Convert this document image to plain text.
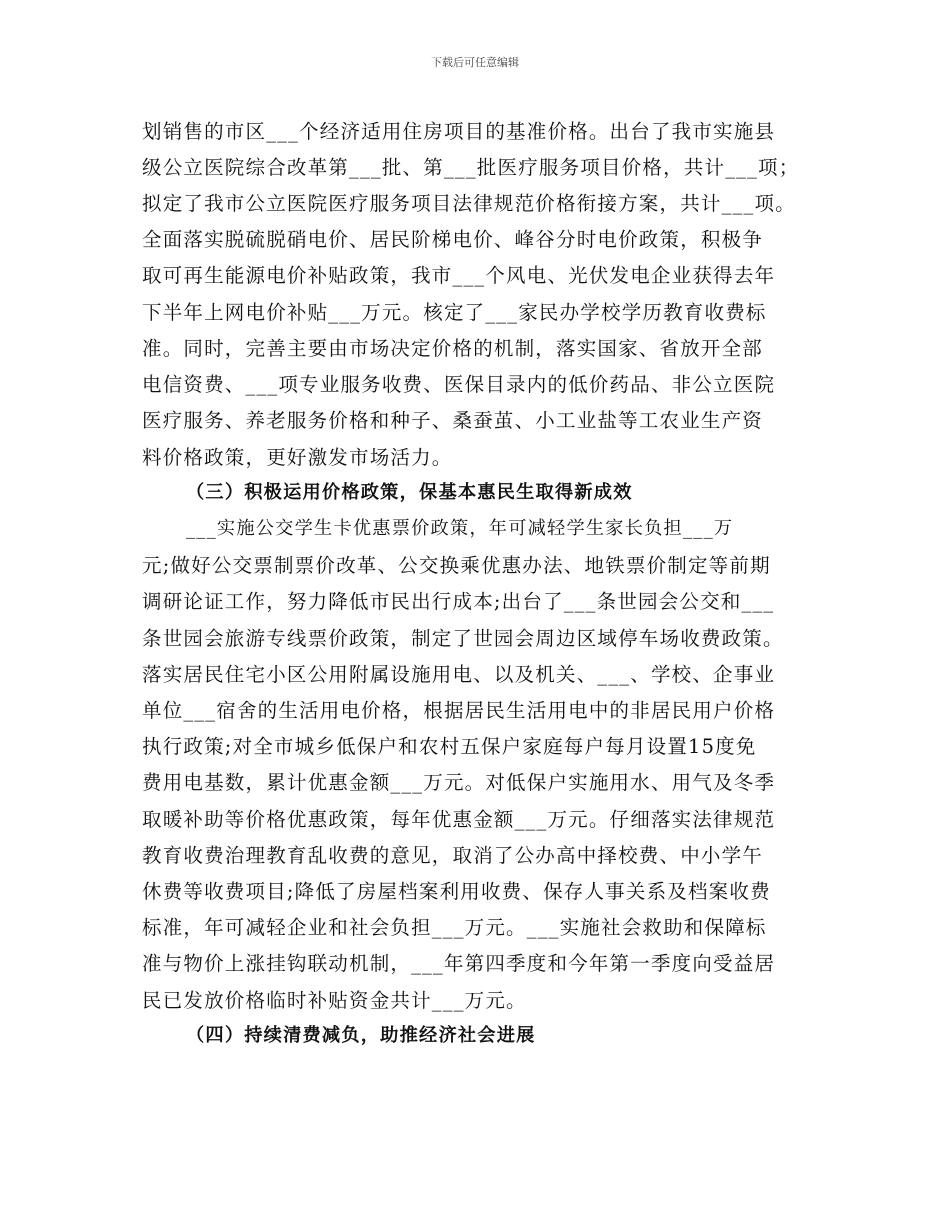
下载后可任意编辑
划销售的市区___个经济适用住房项目的基准价格。出台了我市实施县
级公立医院综合改革第___批、第___批医疗服务项目价格，共计___项；
拟定了我市公立医院医疗服务项目法律规范价格衔接方案，共计___项。
全面落实脱硫脱硝电价、居民阶梯电价、峰谷分时电价政策，积极争
取可再生能源电价补贴政策，我市___个风电、光伏发电企业获得去年
下半年上网电价补贴___万元。核定了___家民办学校学历教育收费标
准。同时，完善主要由市场决定价格的机制，落实国家、省放开全部
电信资费、___项专业服务收费、医保目录内的低价药品、非公立医院
医疗服务、养老服务价格和种子、桑蚕茧、小工业盐等工农业生产资
料价格政策，更好激发市场活力。
（三）积极运用价格政策，保基本惠民生取得新成效
___实施公交学生卡优惠票价政策，年可减轻学生家长负担___万
元;做好公交票制票价改革、公交换乘优惠办法、地铁票价制定等前期
调研论证工作，努力降低市民出行成本;出台了___条世园会公交和___
条世园会旅游专线票价政策，制定了世园会周边区域停车场收费政策。
落实居民住宅小区公用附属设施用电、以及机关、___、学校、企事业
单位___宿舍的生活用电价格，根据居民生活用电中的非居民用户价格
执行政策;对全市城乡低保户和农村五保户家庭每户每月设置15度免
费用电基数，累计优惠金额___万元。对低保户实施用水、用气及冬季
取暖补助等价格优惠政策，每年优惠金额___万元。仔细落实法律规范
教育收费治理教育乱收费的意见，取消了公办高中择校费、中小学午
休费等收费项目;降低了房屋档案利用收费、保存人事关系及档案收费
标准，年可减轻企业和社会负担___万元。___实施社会救助和保障标
准与物价上涨挂钩联动机制，___年第四季度和今年第一季度向受益居
民已发放价格临时补贴资金共计___万元。
（四）持续清费减负，助推经济社会进展
